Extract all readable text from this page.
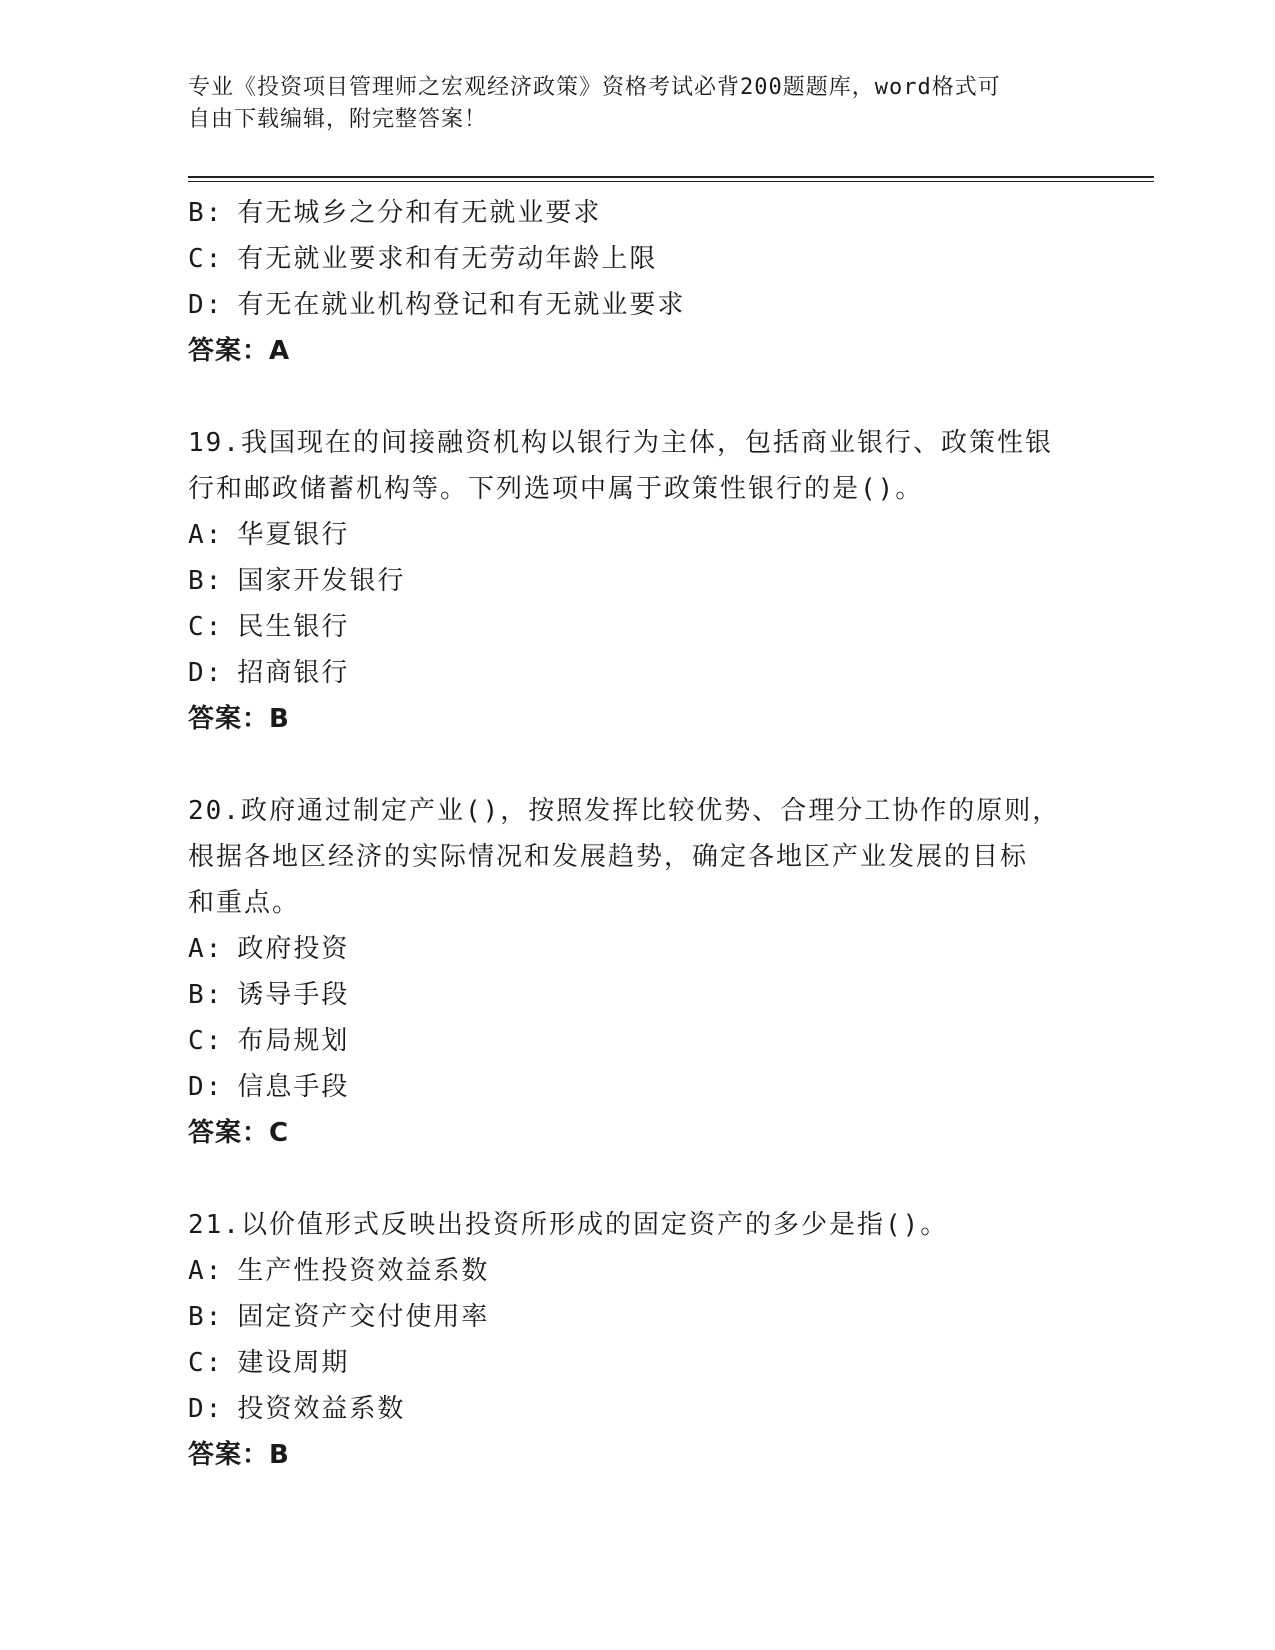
专业《投资项目管理师之宏观经济政策》资格考试必背200题题库，word格式可
自由下载编辑，附完整答案！
B: 有无城乡之分和有无就业要求
C: 有无就业要求和有无劳动年龄上限
D: 有无在就业机构登记和有无就业要求
答案：A
19.我国现在的间接融资机构以银行为主体，包括商业银行、政策性银
行和邮政储蓄机构等。下列选项中属于政策性银行的是()。
A: 华夏银行
B: 国家开发银行
C: 民生银行
D: 招商银行
答案：B
20.政府通过制定产业()，按照发挥比较优势、合理分工协作的原则，
根据各地区经济的实际情况和发展趋势，确定各地区产业发展的目标
和重点。
A: 政府投资
B: 诱导手段
C: 布局规划
D: 信息手段
答案：C
21.以价值形式反映出投资所形成的固定资产的多少是指()。
A: 生产性投资效益系数
B: 固定资产交付使用率
C: 建设周期
D: 投资效益系数
答案：B
